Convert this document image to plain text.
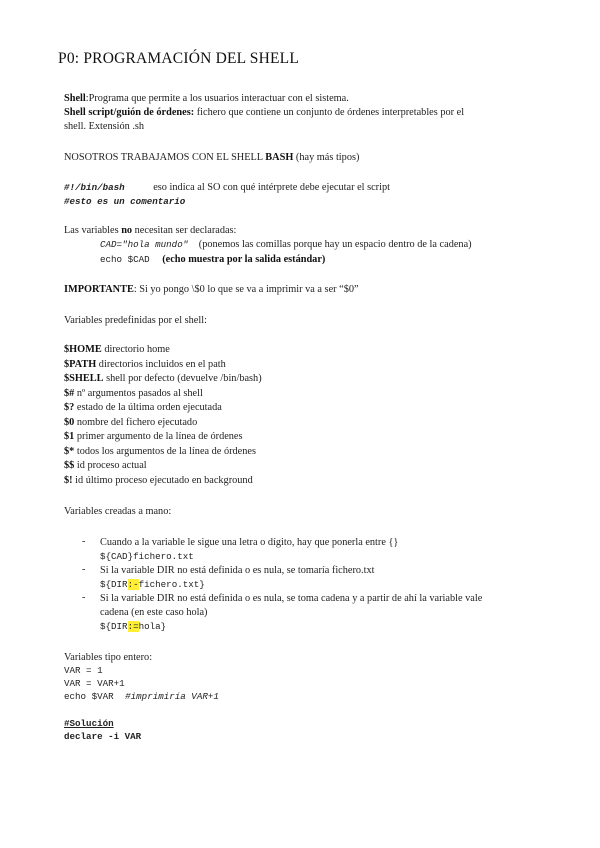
P0: PROGRAMACIÓN DEL SHELL
Shell:Programa que permite a los usuarios interactuar con el sistema.
Shell script/guión de órdenes: fichero que contiene un conjunto de órdenes interpretables por el
shell. Extensión .sh
NOSOTROS TRABAJAMOS CON EL SHELL BASH (hay más tipos)
#!/bin/bash	eso indica al SO con qué intérprete debe ejecutar el script
#esto es un comentario
Las variables no necesitan ser declaradas:
CAD="hola mundo" (ponemos las comillas porque hay un espacio dentro de la cadena)
echo $CAD (echo muestra por la salida estándar)
IMPORTANTE: Si yo pongo \$0 lo que se va a imprimir va a ser “$0”
Variables predefinidas por el shell:
$HOME directorio home
$PATH directorios incluidos en el path
$SHELL shell por defecto (devuelve /bin/bash)
$# nº argumentos pasados al shell
$? estado de la última orden ejecutada
$0 nombre del fichero ejecutado
$1 primer argumento de la línea de órdenes
$* todos los argumentos de la línea de órdenes
$$ id proceso actual
$! id último proceso ejecutado en background
Variables creadas a mano:
- Cuando a la variable le sigue una letra o dígito, hay que ponerla entre {}
${CAD}fichero.txt
- Si la variable DIR no está definida o es nula, se tomaría fichero.txt
${DIR:-fichero.txt}
- Si la variable DIR no está definida o es nula, se toma cadena y a partir de ahí la variable vale
cadena (en este caso hola)
${DIR:=hola}
Variables tipo entero:
VAR = 1
VAR = VAR+1
echo $VAR #imprimiría VAR+1
#Solución
declare -i VAR
